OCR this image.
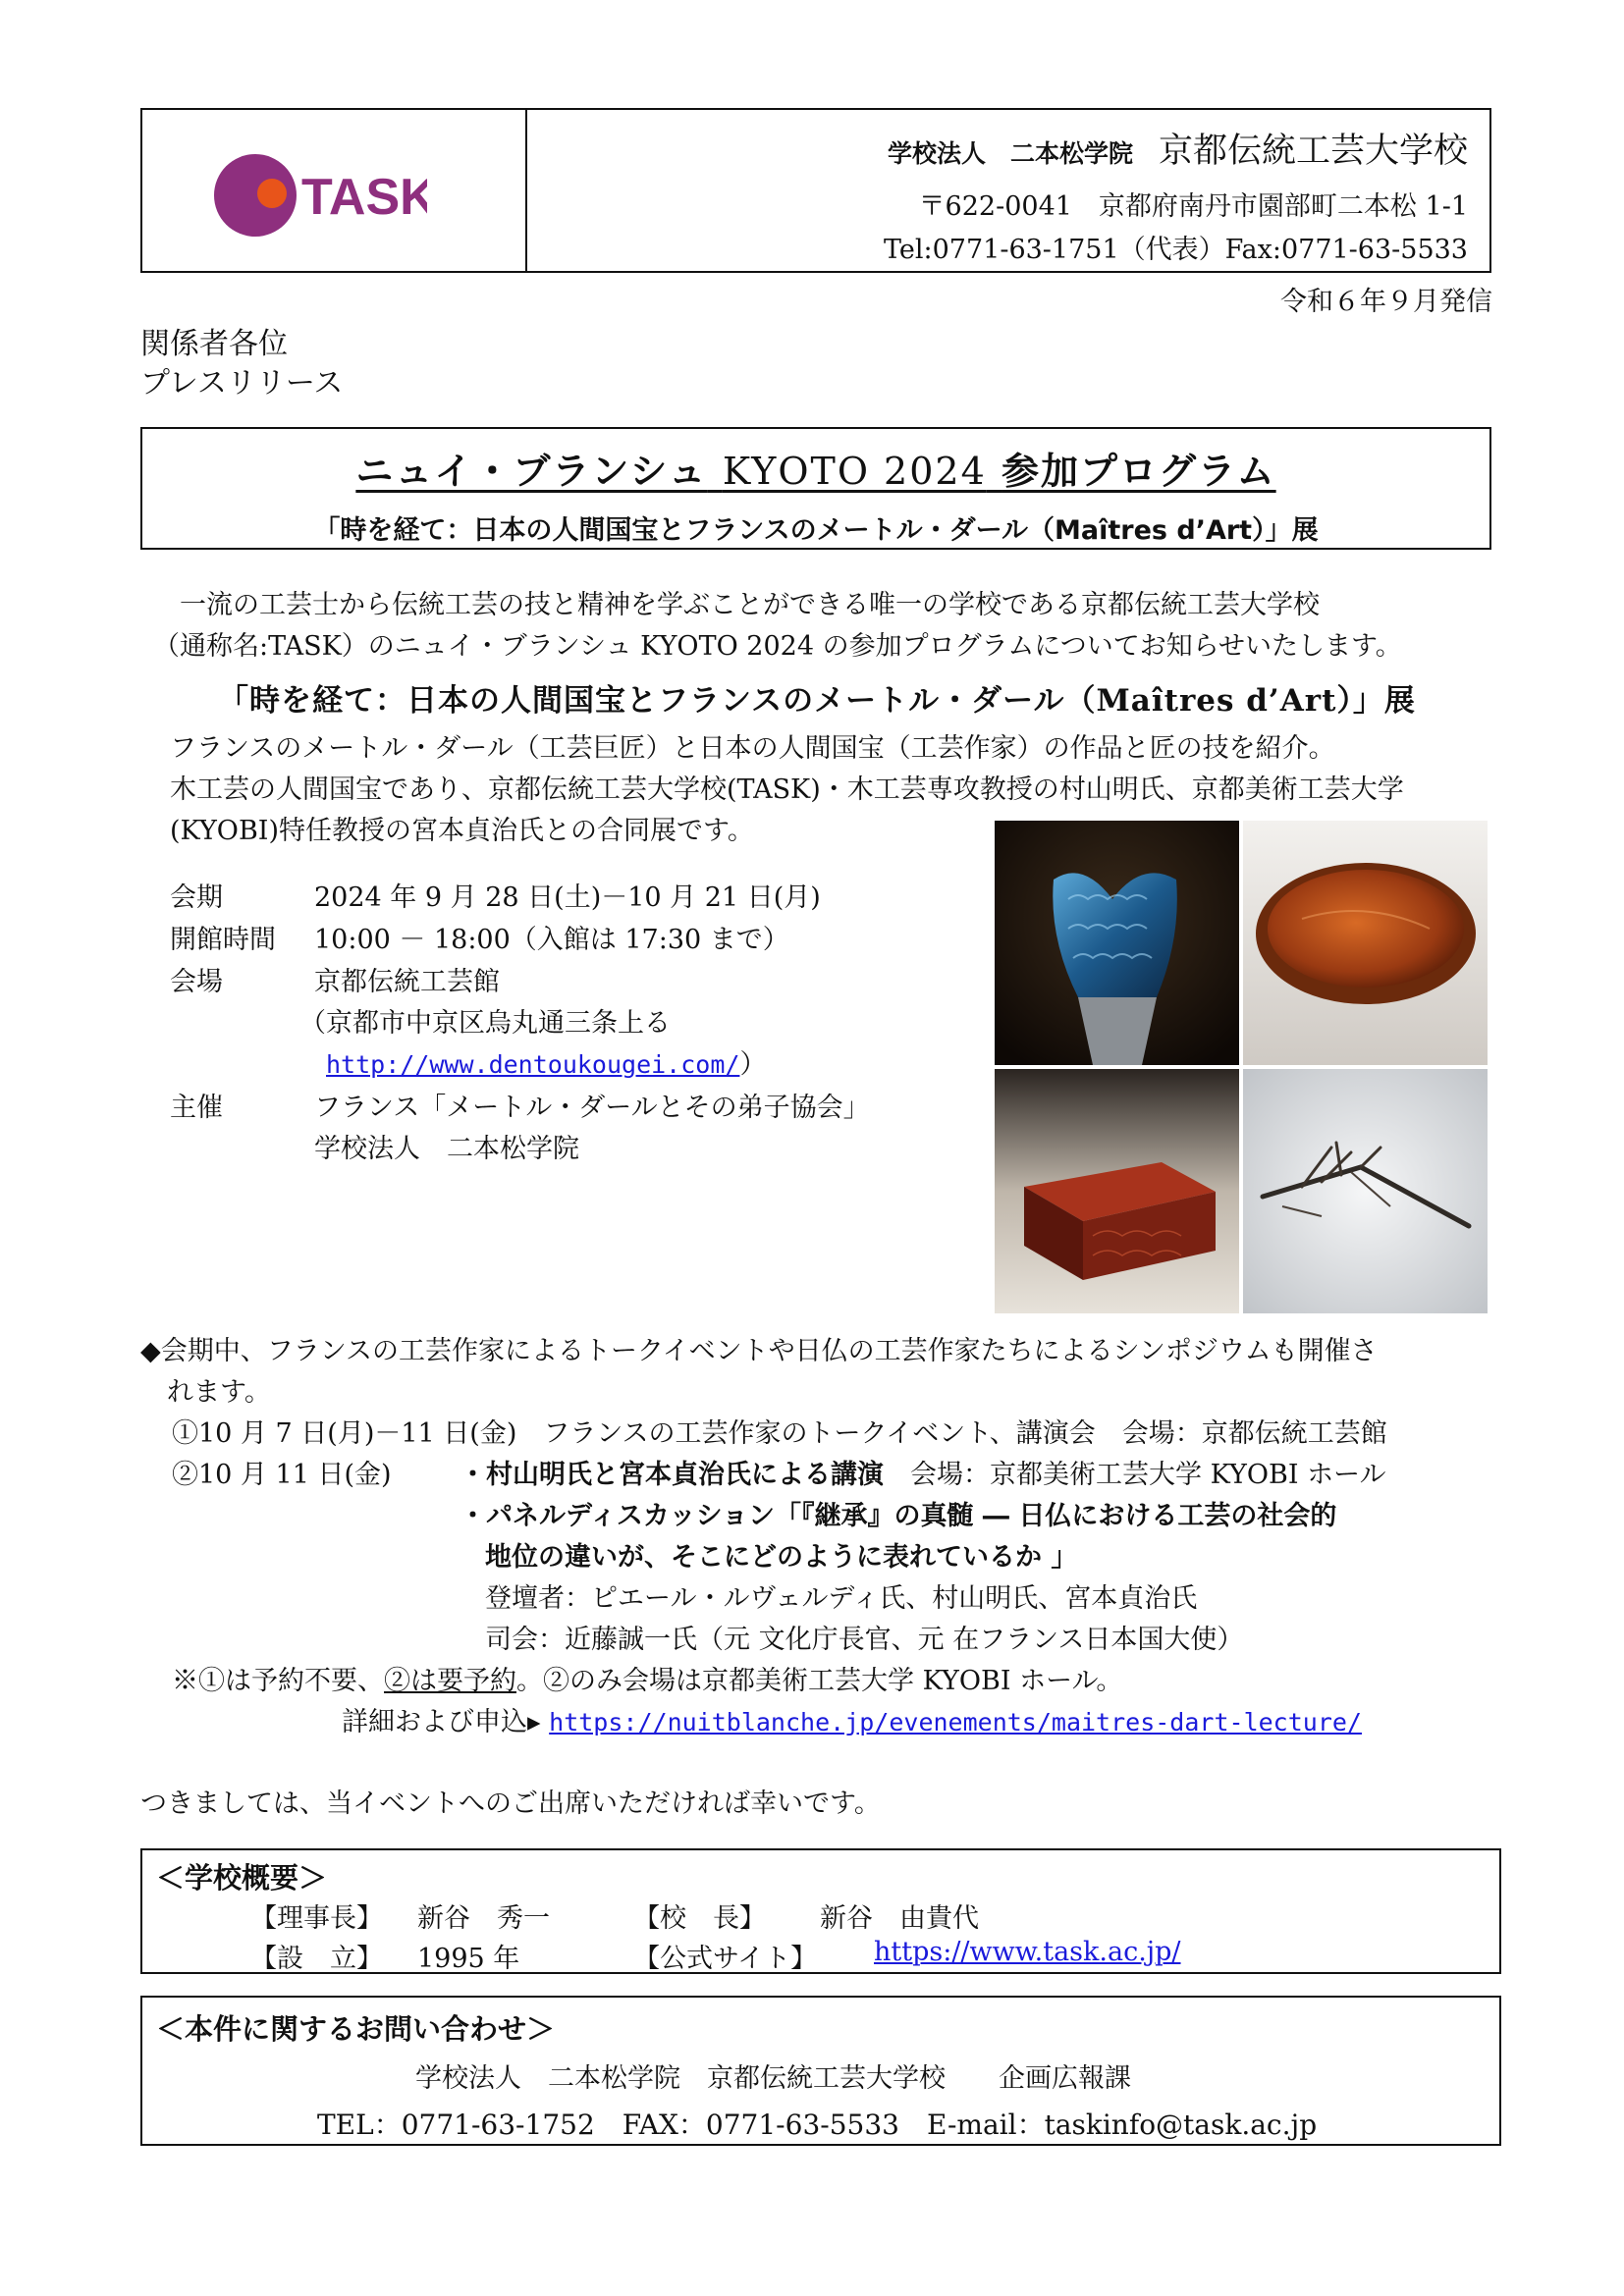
TASK
学校法人　二本松学院 京都伝統工芸大学校
〒622-0041　京都府南丹市園部町二本松 1-1
Tel:0771-63-1751（代表）Fax:0771-63-5533
令和６年９月発信
関係者各位
プレスリリース
ニュイ・ブランシュ KYOTO 2024 参加プログラム
「時を経て：日本の人間国宝とフランスのメートル・ダール（Maîtres d’Art）」展
一流の工芸士から伝統工芸の技と精神を学ぶことができる唯一の学校である京都伝統工芸大学校
（通称名:TASK）のニュイ・ブランシュ KYOTO 2024 の参加プログラムについてお知らせいたします。
「時を経て：日本の人間国宝とフランスのメートル・ダール（Maîtres d’Art）」展
フランスのメートル・ダール（工芸巨匠）と日本の人間国宝（工芸作家）の作品と匠の技を紹介。
木工芸の人間国宝であり、京都伝統工芸大学校(TASK)・木工芸専攻教授の村山明氏、京都美術工芸大学
(KYOBI)特任教授の宮本貞治氏との合同展です。
会期	2024 年 9 月 28 日(土)－10 月 21 日(月)
開館時間 10:00 － 18:00（入館は 17:30 まで）
会場	京都伝統工芸館
（京都市中京区烏丸通三条上る
http://www.dentoukougei.com/）
主催	フランス「メートル・ダールとその弟子協会」
学校法人　二本松学院
◆会期中、フランスの工芸作家によるトークイベントや日仏の工芸作家たちによるシンポジウムも開催さ
れます。
①10 月 7 日(月)－11 日(金)　フランスの工芸作家のトークイベント、講演会　会場：京都伝統工芸館
②10 月 11 日(金)	・村山明氏と宮本貞治氏による講演　 会場：京都美術工芸大学 KYOBI ホール
・パネルディスカッション「『継承』の真髄 ― 日仏における工芸の社会的
地位の違いが、そこにどのように表れているか 」
登壇者：ピエール・ルヴェルディ氏、村山明氏、宮本貞治氏
司会：近藤誠一氏（元 文化庁長官、元 在フランス日本国大使）
※①は予約不要、②は要予約。②のみ会場は京都美術工芸大学 KYOBI ホール。
詳細および申込▸ https://nuitblanche.jp/evenements/maitres-dart-lecture/
つきましては、当イベントへのご出席いただければ幸いです。
＜学校概要＞
【理事長】 新谷　秀一	【校　長】 新谷　由貴代
【設　立】 1995 年	【公式サイト】 https://www.task.ac.jp/
＜本件に関するお問い合わせ＞
学校法人　二本松学院　京都伝統工芸大学校　　企画広報課
TEL：0771-63-1752　FAX：0771-63-5533　E-mail：taskinfo@task.ac.jp
